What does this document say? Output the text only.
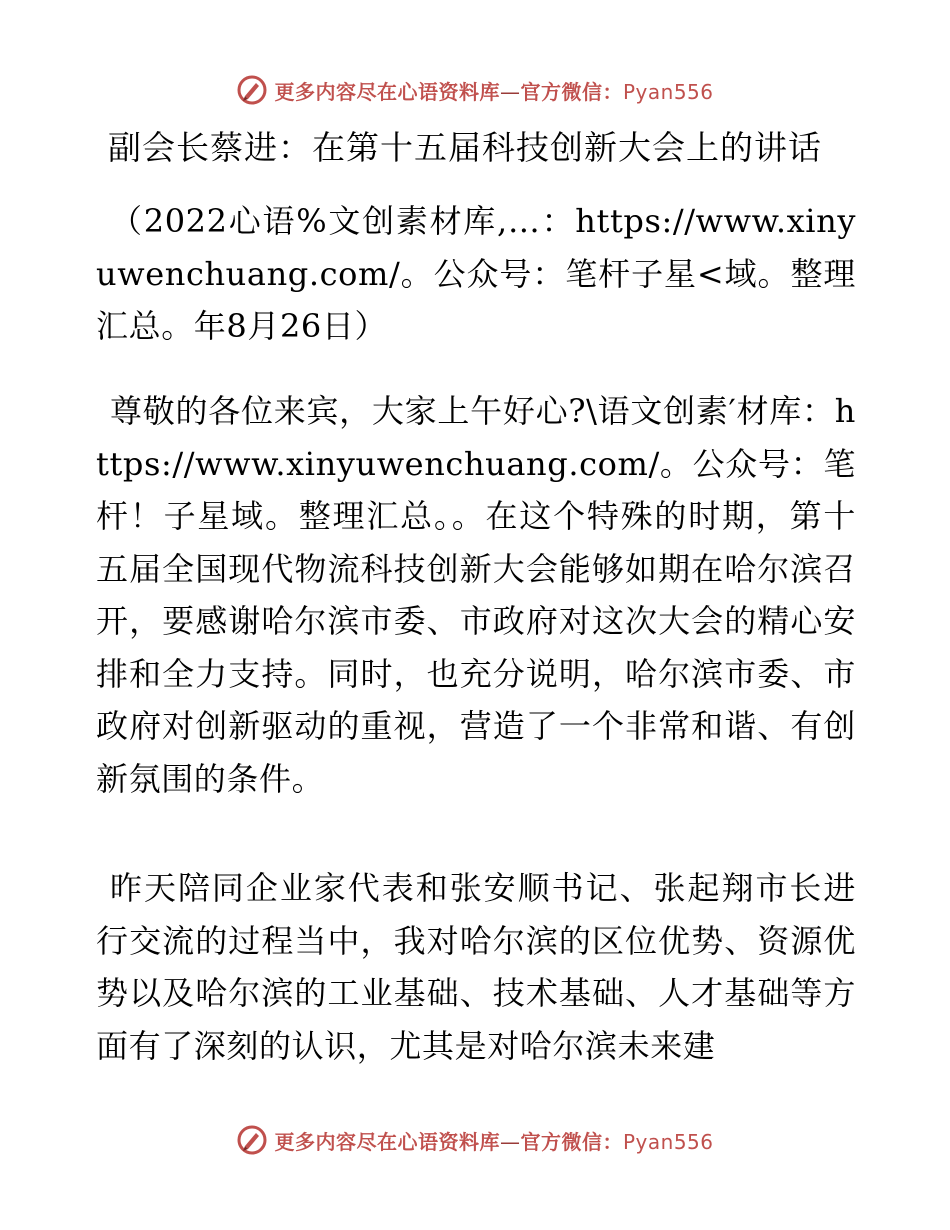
更多内容尽在心语资料库—官方微信：Pyan556
副会长蔡进：在第十五届科技创新大会上的讲话

（2022心语%文创素材库,…：https://www.xinyuwenchuang.com/。公众号：笔杆子星<域。整理汇总。年8月26日）

尊敬的各位来宾，大家上午好心?\语文创素′材库：https://www.xinyuwenchuang.com/。公众号：笔杆！子星域。整理汇总。。在这个特殊的时期，第十五届全国现代物流科技创新大会能够如期在哈尔滨召开，要感谢哈尔滨市委、市政府对这次大会的精心安排和全力支持。同时，也充分说明，哈尔滨市委、市政府对创新驱动的重视，营造了一个非常和谐、有创新氛围的条件。

昨天陪同企业家代表和张安顺书记、张起翔市长进行交流的过程当中，我对哈尔滨的区位优势、资源优势以及哈尔滨的工业基础、技术基础、人才基础等方面有了深刻的认识，尤其是对哈尔滨未来建

更多内容尽在心语资料库—官方微信：Pyan556
